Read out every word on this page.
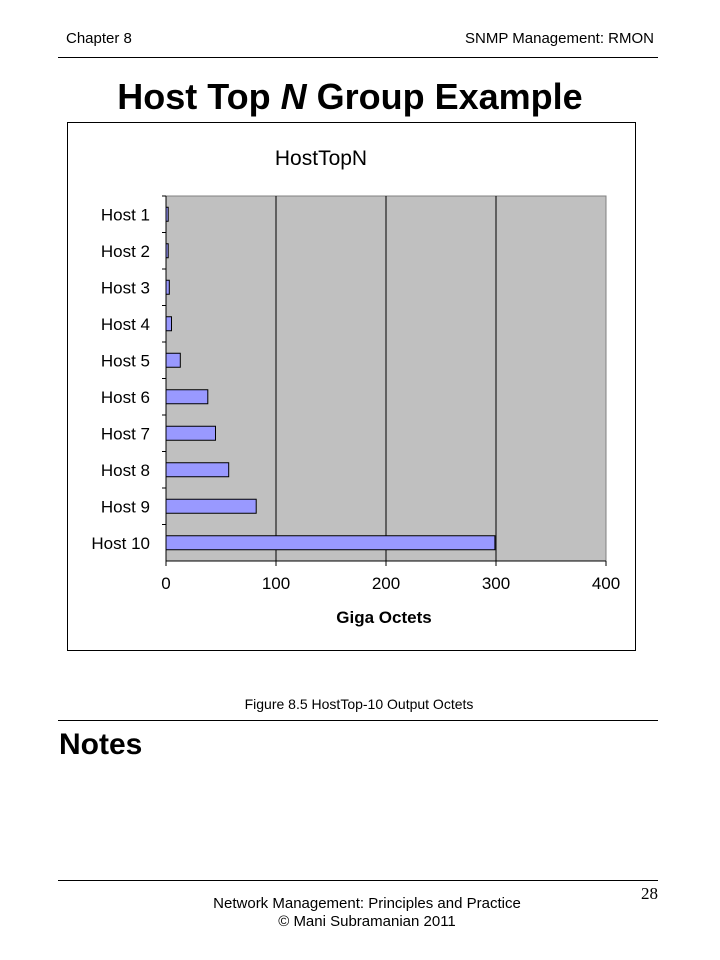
Chapter 8	SNMP Management: RMON
Host Top N Group Example
HostTopN
Host 1
Host 2
Host 3
Host 4
Host 5
Host 6
Host 7
Host 8
Host 9
Host 10
0	100	200	300	400
Giga Octets
Figure 8.5 HostTop-10 Output Octets
Notes
28
Network Management: Principles and Practice
© Mani Subramanian 2011
